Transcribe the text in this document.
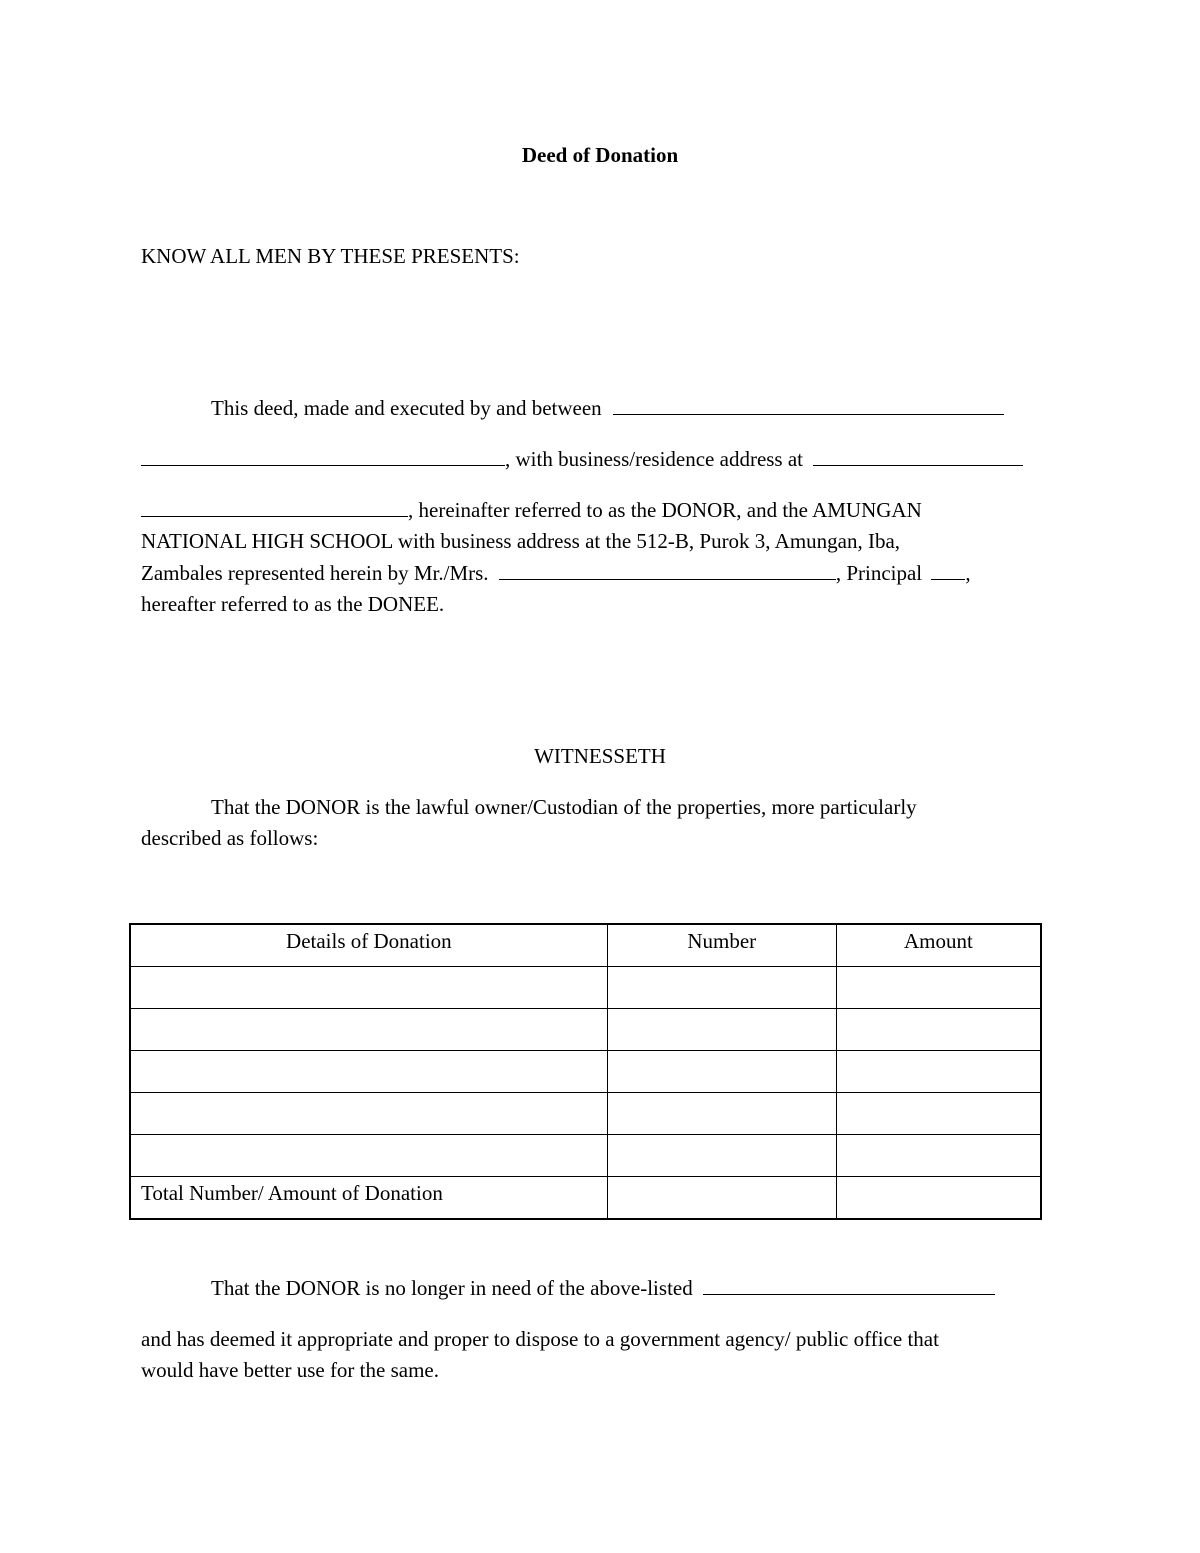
Deed of Donation
KNOW ALL MEN BY THESE PRESENTS:
This deed, made and executed by and between
, with business/residence address at
, hereinafter referred to as the DONOR, and the AMUNGAN
NATIONAL HIGH SCHOOL with business address at the 512-B, Purok 3, Amungan, Iba,
Zambales represented herein by Mr./Mrs.	, Principal ,
hereafter referred to as the DONEE.
WITNESSETH
That the DONOR is the lawful owner/Custodian of the properties, more particularly
described as follows:
Details of Donation	Number	Amount

Total Number/ Amount of Donation		
That the DONOR is no longer in need of the above-listed
and has deemed it appropriate and proper to dispose to a government agency/ public office that
would have better use for the same.
